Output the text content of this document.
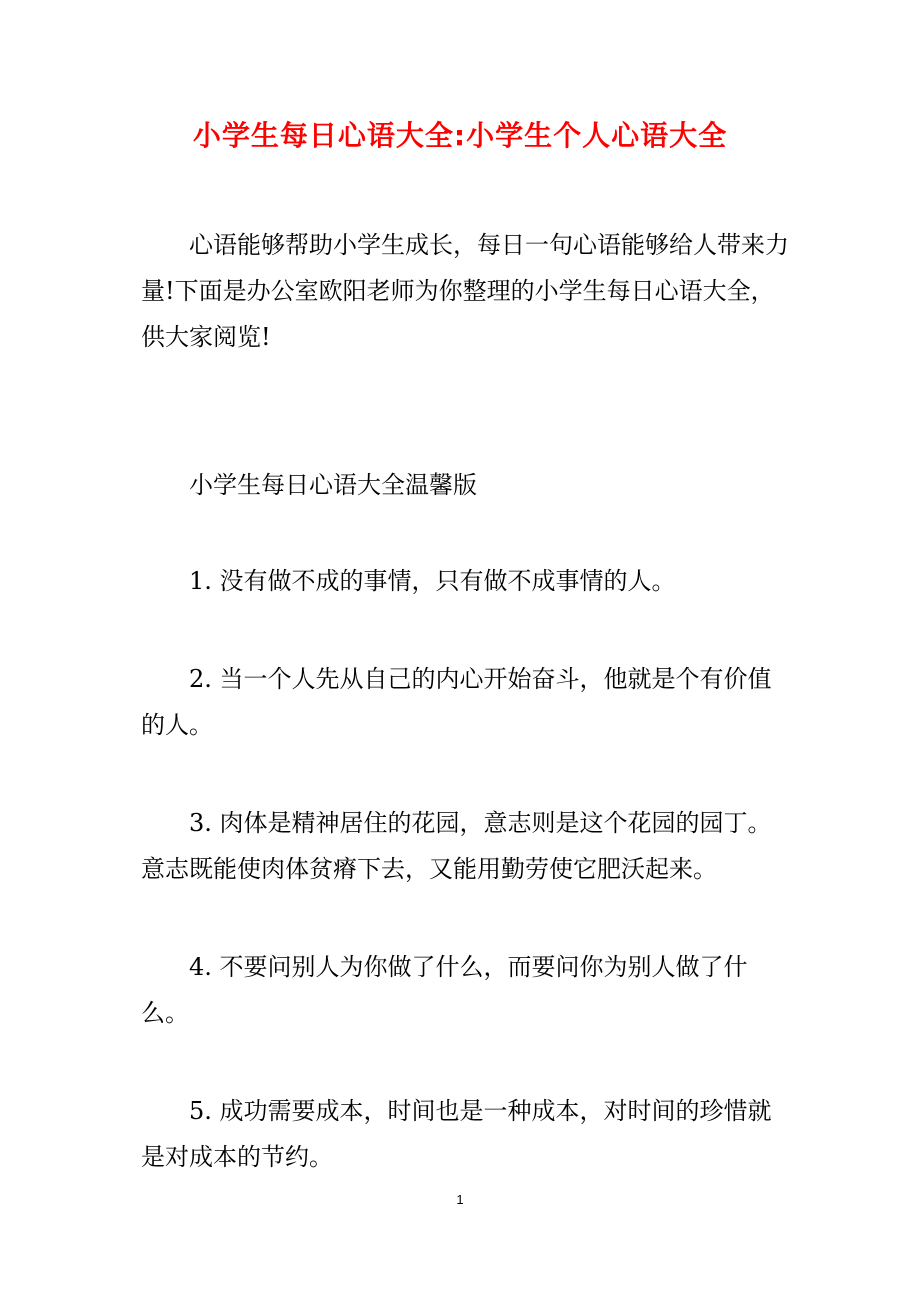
小学生每日心语大全:小学生个人心语大全

心语能够帮助小学生成长，每日一句心语能够给人带来力量!下面是办公室欧阳老师为你整理的小学生每日心语大全，供大家阅览!

小学生每日心语大全温馨版

1. 没有做不成的事情，只有做不成事情的人。

2. 当一个人先从自己的内心开始奋斗，他就是个有价值的人。

3. 肉体是精神居住的花园，意志则是这个花园的园丁。意志既能使肉体贫瘠下去，又能用勤劳使它肥沃起来。

4. 不要问别人为你做了什么，而要问你为别人做了什么。

5. 成功需要成本，时间也是一种成本，对时间的珍惜就是对成本的节约。

1
